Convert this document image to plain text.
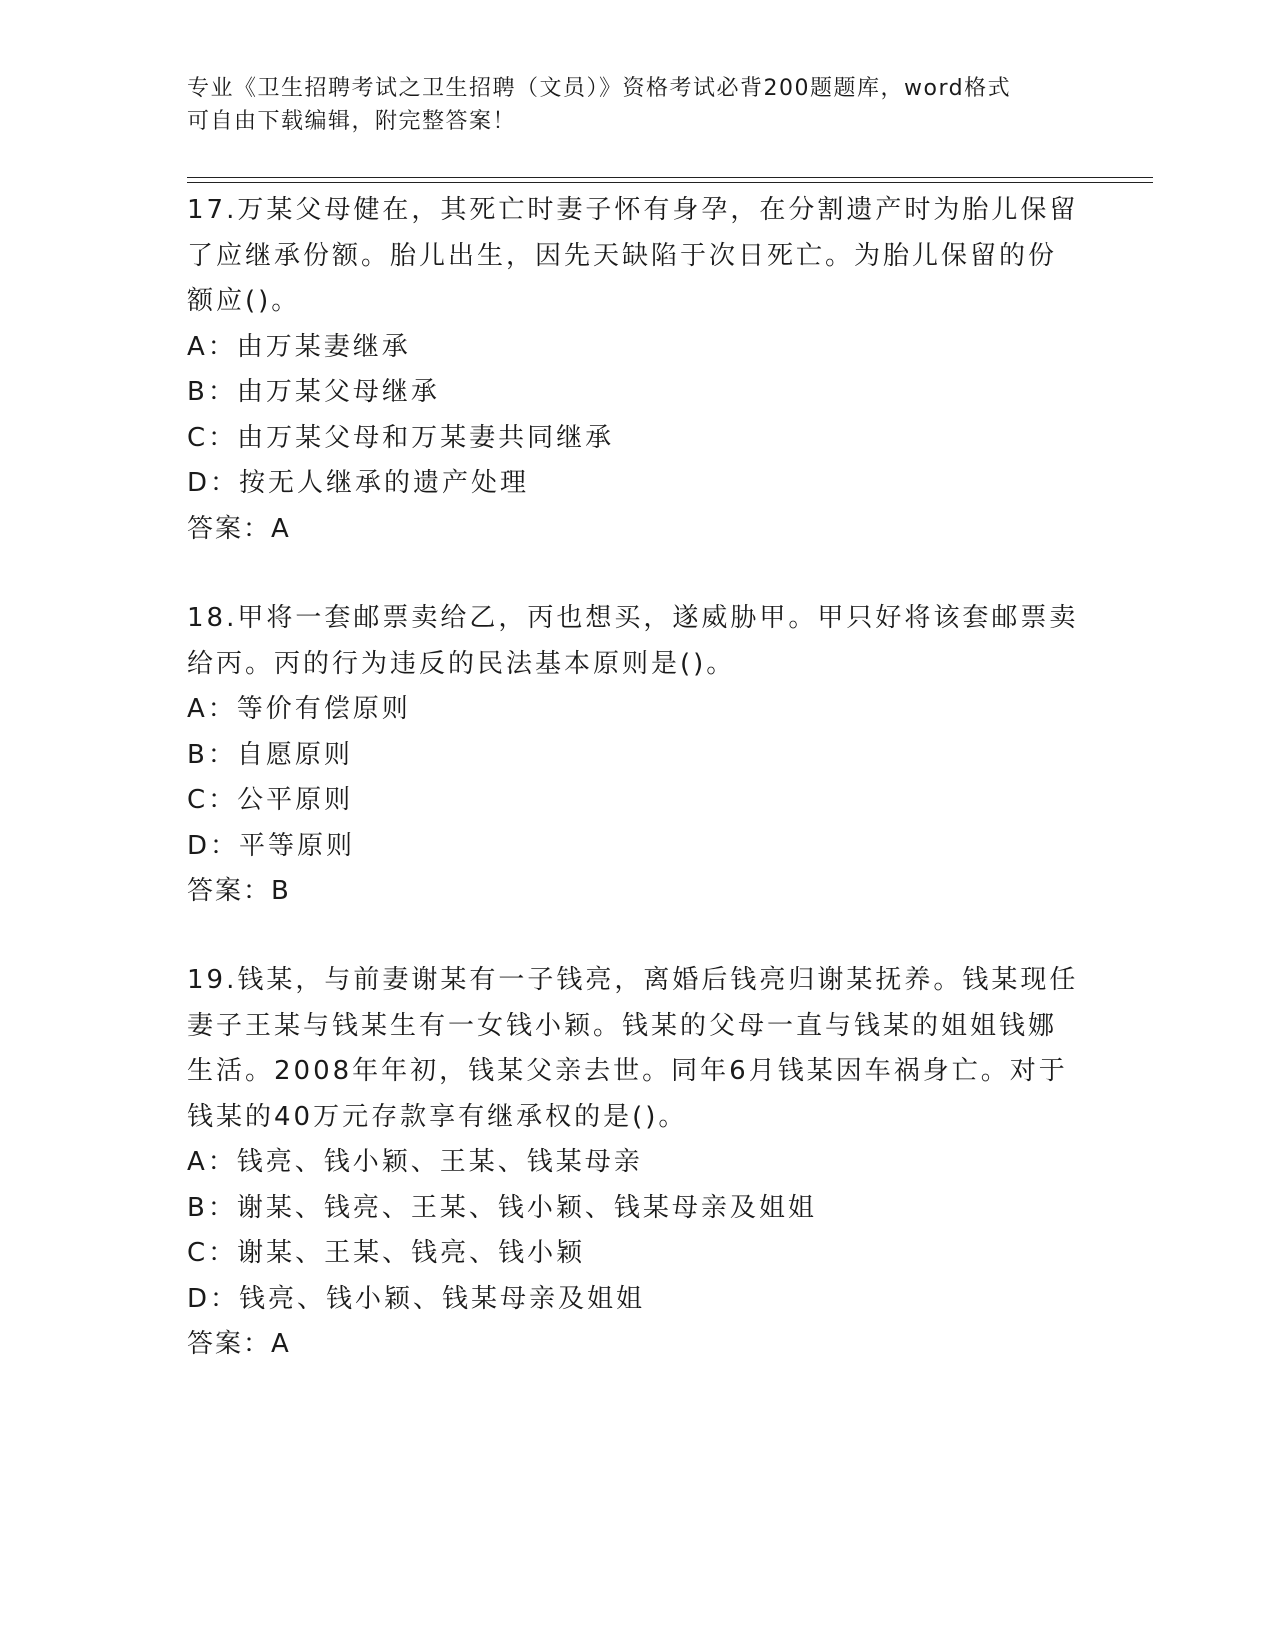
专业《卫生招聘考试之卫生招聘（文员）》资格考试必背200题题库，word格式
可自由下载编辑，附完整答案！
17.万某父母健在，其死亡时妻子怀有身孕，在分割遗产时为胎儿保留
了应继承份额。胎儿出生，因先天缺陷于次日死亡。为胎儿保留的份
额应()。
A：由万某妻继承
B：由万某父母继承
C：由万某父母和万某妻共同继承
D：按无人继承的遗产处理
答案：A
18.甲将一套邮票卖给乙，丙也想买，遂威胁甲。甲只好将该套邮票卖
给丙。丙的行为违反的民法基本原则是()。
A：等价有偿原则
B：自愿原则
C：公平原则
D：平等原则
答案：B
19.钱某，与前妻谢某有一子钱亮，离婚后钱亮归谢某抚养。钱某现任
妻子王某与钱某生有一女钱小颖。钱某的父母一直与钱某的姐姐钱娜
生活。2008年年初，钱某父亲去世。同年6月钱某因车祸身亡。对于
钱某的40万元存款享有继承权的是()。
A：钱亮、钱小颖、王某、钱某母亲
B：谢某、钱亮、王某、钱小颖、钱某母亲及姐姐
C：谢某、王某、钱亮、钱小颖
D：钱亮、钱小颖、钱某母亲及姐姐
答案：A
